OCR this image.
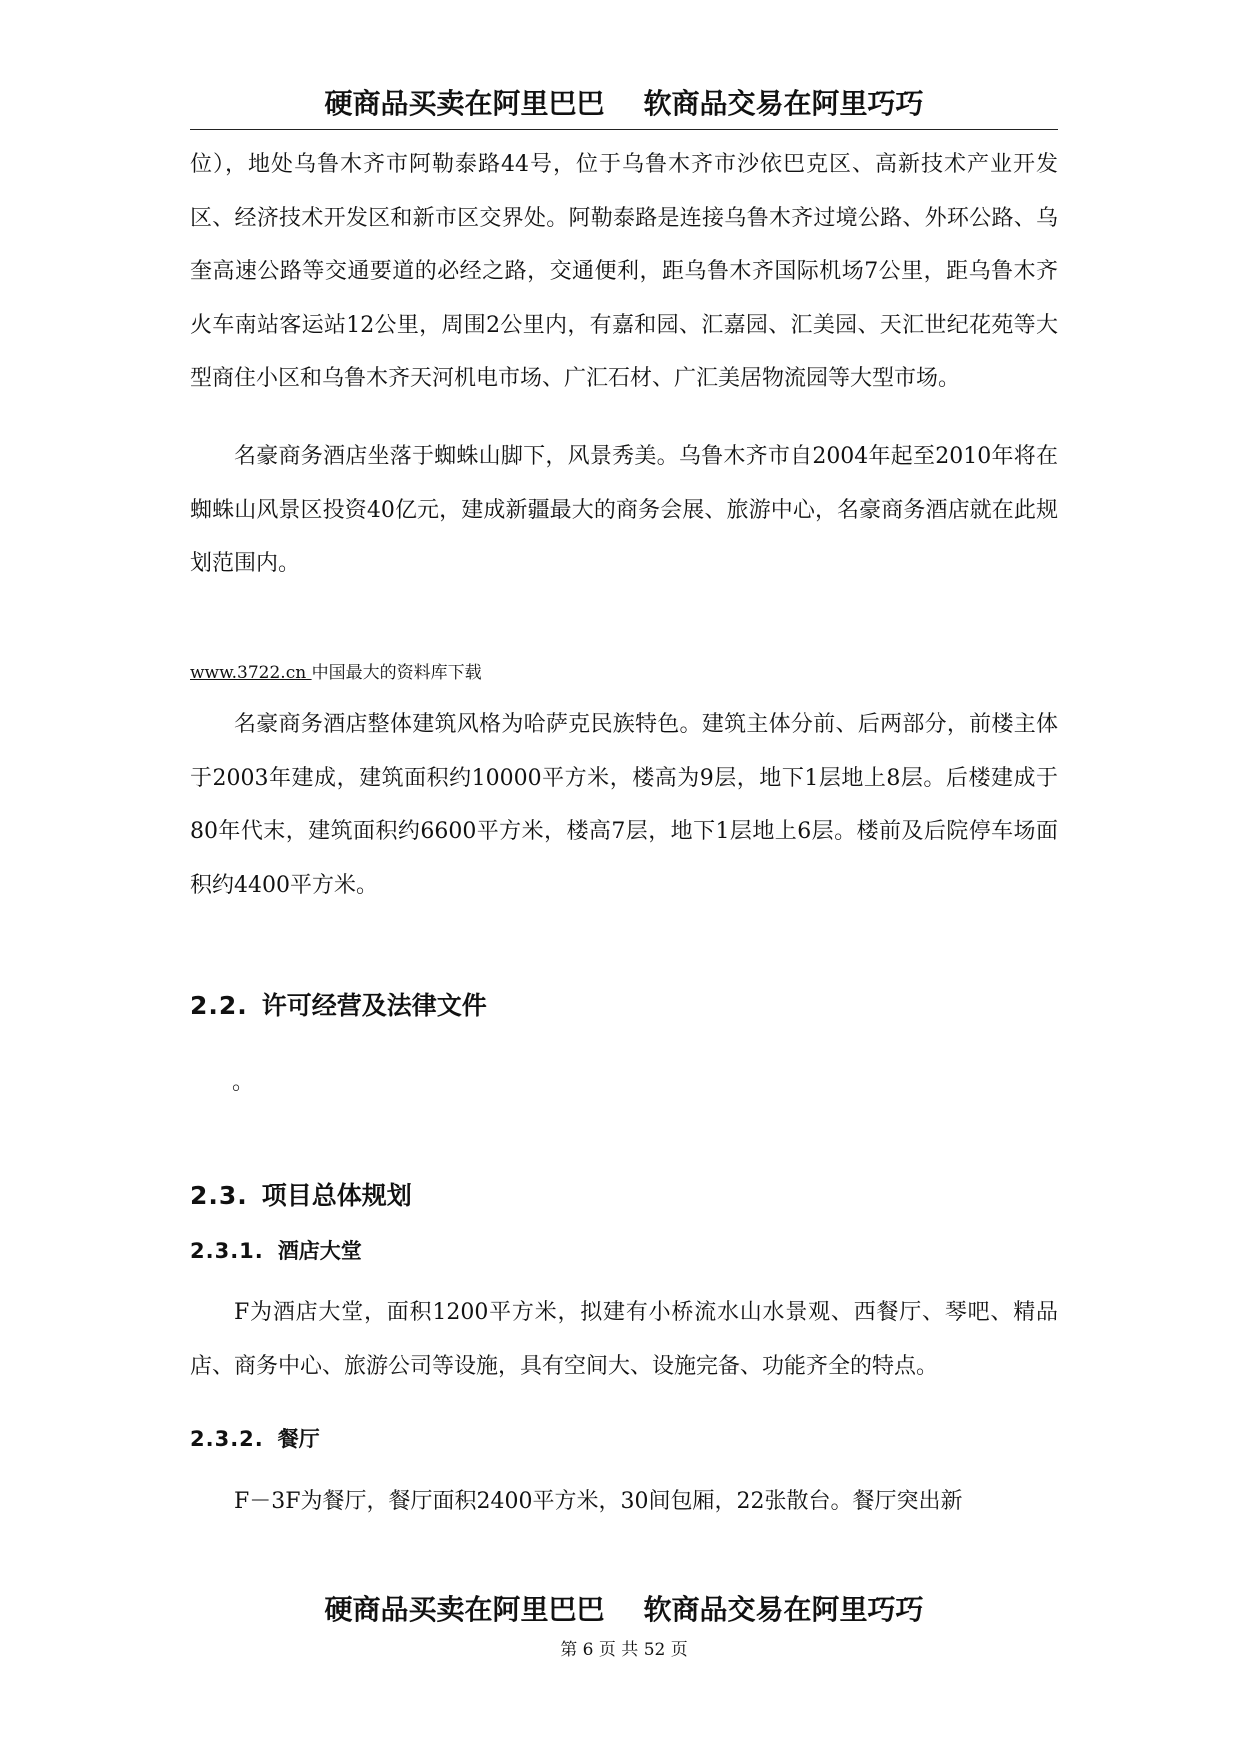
硬商品买卖在阿里巴巴    软商品交易在阿里巧巧

位），地处乌鲁木齐市阿勒泰路44号，位于乌鲁木齐市沙依巴克区、高新技术产业开发区、经济技术开发区和新市区交界处。阿勒泰路是连接乌鲁木齐过境公路、外环公路、乌奎高速公路等交通要道的必经之路，交通便利，距乌鲁木齐国际机场7公里，距乌鲁木齐火车南站客运站12公里，周围2公里内，有嘉和园、汇嘉园、汇美园、天汇世纪花苑等大型商住小区和乌鲁木齐天河机电市场、广汇石材、广汇美居物流园等大型市场。

名豪商务酒店坐落于蜘蛛山脚下，风景秀美。乌鲁木齐市自2004年起至2010年将在蜘蛛山风景区投资40亿元，建成新疆最大的商务会展、旅游中心，名豪商务酒店就在此规划范围内。

www.3722.cn 中国最大的资料库下载

名豪商务酒店整体建筑风格为哈萨克民族特色。建筑主体分前、后两部分，前楼主体于2003年建成，建筑面积约10000平方米，楼高为9层，地下1层地上8层。后楼建成于80年代末，建筑面积约6600平方米，楼高7层，地下1层地上6层。楼前及后院停车场面积约4400平方米。

2.2. 许可经营及法律文件
。
2.3. 项目总体规划
2.3.1. 酒店大堂

F为酒店大堂，面积1200平方米，拟建有小桥流水山水景观、西餐厅、琴吧、精品店、商务中心、旅游公司等设施，具有空间大、设施完备、功能齐全的特点。

2.3.2. 餐厅

F－3F为餐厅，餐厅面积2400平方米，30间包厢，22张散台。餐厅突出新

硬商品买卖在阿里巴巴    软商品交易在阿里巧巧
第 6 页 共 52 页
